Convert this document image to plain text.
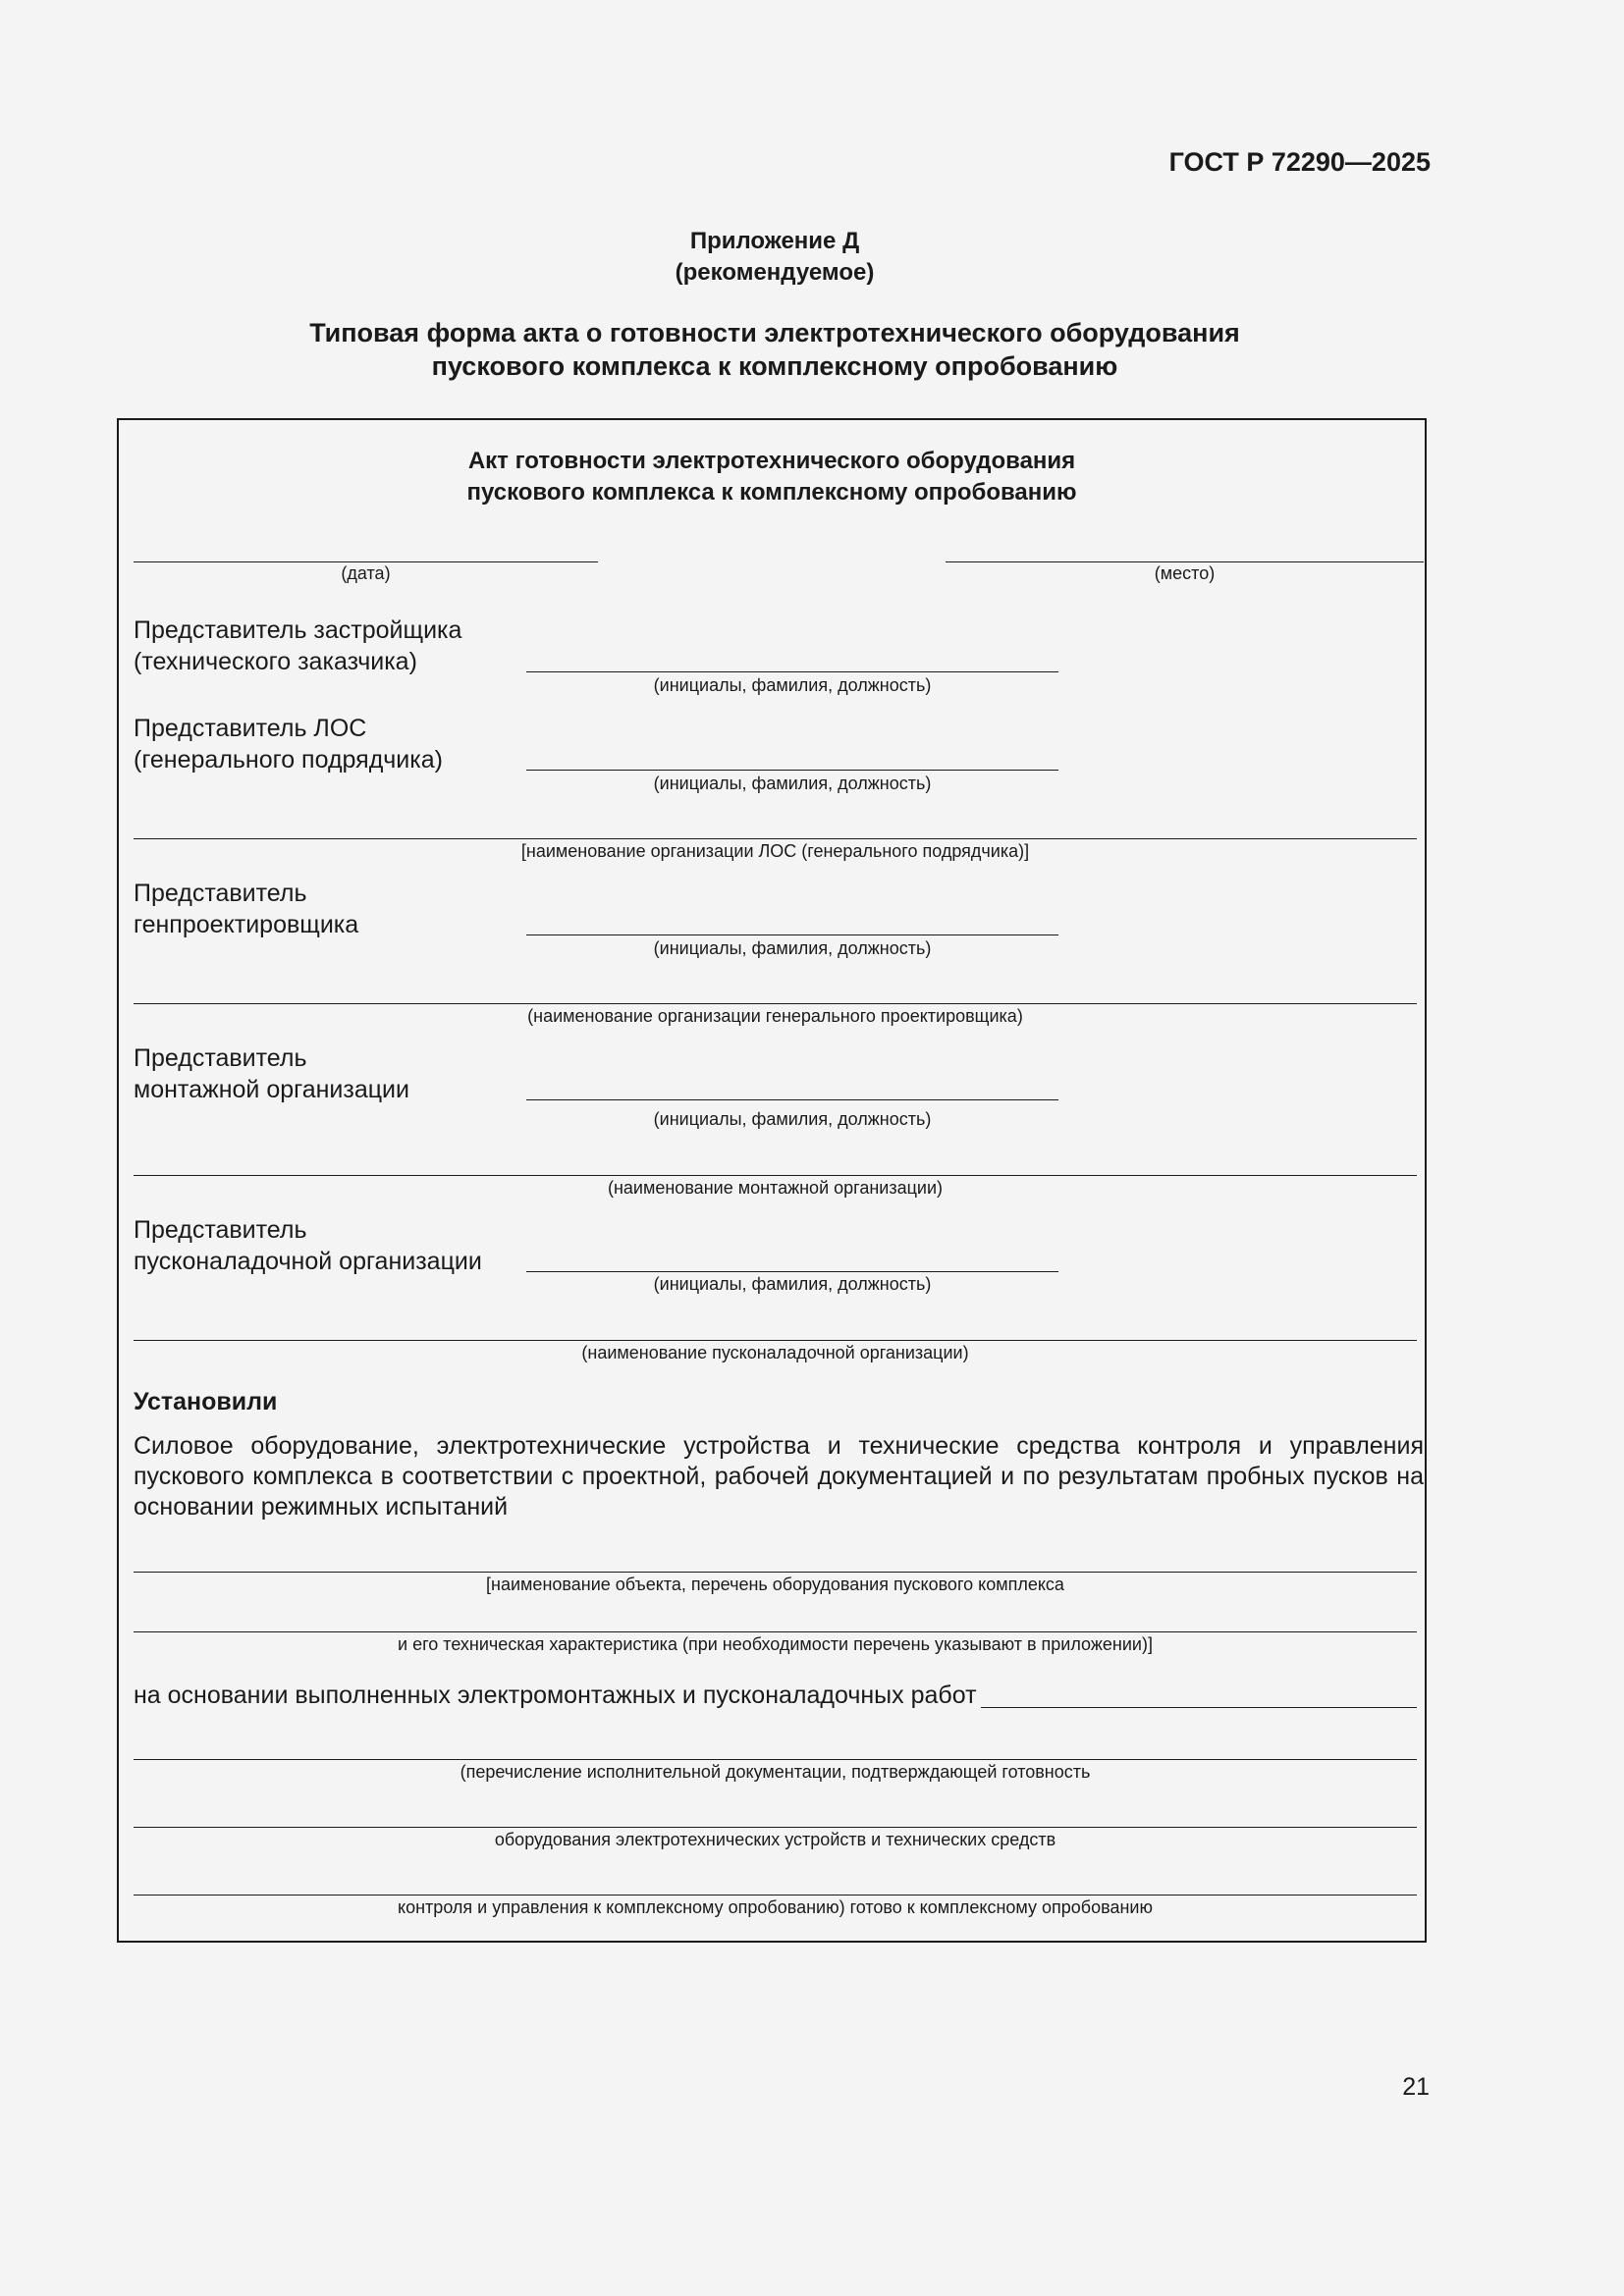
ГОСТ Р 72290—2025
Приложение Д
(рекомендуемое)
Типовая форма акта о готовности электротехнического оборудования
пускового комплекса к комплексному опробованию
Акт готовности электротехнического оборудования
пускового комплекса к комплексному опробованию
(дата)	(место)
Представитель застройщика
(технического заказчика)
(инициалы, фамилия, должность)
Представитель ЛОС
(генерального подрядчика)
(инициалы, фамилия, должность)
[наименование организации ЛОС (генерального подрядчика)]
Представитель
генпроектировщика
(инициалы, фамилия, должность)
(наименование организации генерального проектировщика)
Представитель
монтажной организации
(инициалы, фамилия, должность)
(наименование монтажной организации)
Представитель
пусконаладочной организации
(инициалы, фамилия, должность)
(наименование пусконаладочной организации)
Установили
Силовое оборудование, электротехнические устройства и технические средства контроля и управления пускового комплекса в соответствии с проектной, рабочей документацией и по результатам пробных пусков на основании режимных испытаний
[наименование объекта, перечень оборудования пускового комплекса
и его техническая характеристика (при необходимости перечень указывают в приложении)]
на основании выполненных электромонтажных и пусконаладочных работ
(перечисление исполнительной документации, подтверждающей готовность
оборудования электротехнических устройств и технических средств
контроля и управления к комплексному опробованию) готово к комплексному опробованию
21
